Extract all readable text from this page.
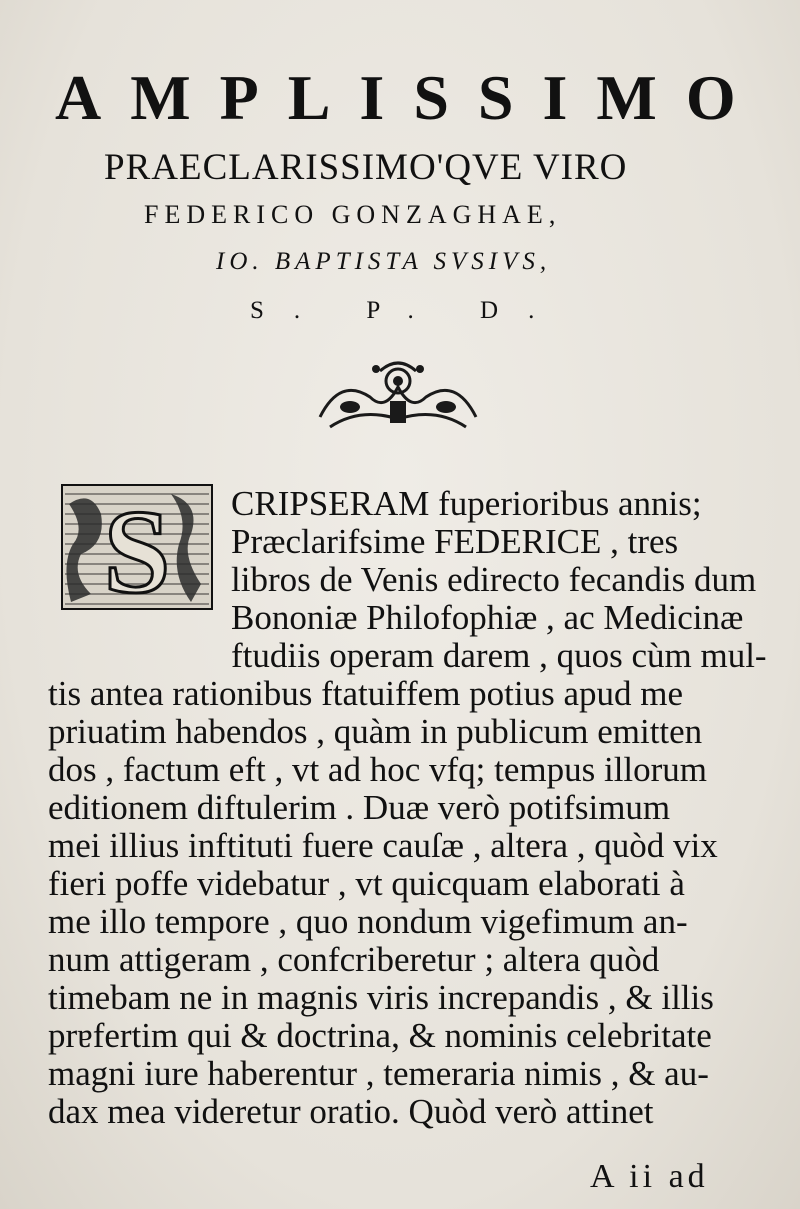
AMPLISSIMO
PRAECLARISSIMO'QVE VIRO
FEDERICO GONZAGHAE,
IO. BAPTISTA SVSIVS,
S. P. D.
S	CRIPSERAM fuperioribus annis;
Præclarifsime FEDERICE , tres
libros de Venis edirecto fecandis dum
Bononiæ Philofophiæ , ac Medicinæ
ftudiis operam darem , quos cùm mul-
tis antea rationibus ftatuiffem potius apud me
priuatim habendos , quàm in publicum emitten
dos , factum eft , vt ad hoc vfq; tempus illorum
editionem diftulerim . Duæ verò potifsimum
mei illius inftituti fuere cauſæ , altera , quòd vix
fieri poffe videbatur , vt quicquam elaborati à
me illo tempore , quo nondum vigefimum an-
num attigeram , confcriberetur ; altera quòd
timebam ne in magnis viris increpandis , & illis
prɐfertim qui & doctrina, & nominis celebritate
magni iure haberentur , temeraria nimis , & au-
dax mea videretur oratio. Quòd verò attinet
A ii ad
